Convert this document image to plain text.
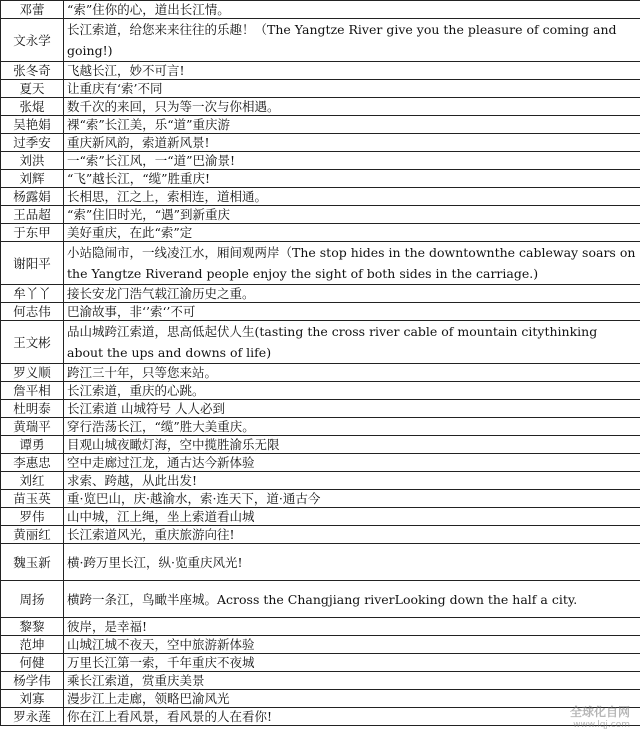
邓蕾	“索”住你的心，道出长江情。
文永学	长江索道，给您来来往往的乐趣！（The Yangtze River give you the pleasure of coming and going!)
张冬奇	飞越长江，妙不可言!
夏天	让重庆有‘索’不同
张焜	数千次的来回，只为等一次与你相遇。
吴艳娟	裸“索”长江美，乐“道”重庆游
过季安	重庆新风韵，索道新风景!
刘洪	一“索”长江风，一“道”巴渝景!
刘辉	“飞”越长江，“缆”胜重庆!
杨露娟	长相思，江之上，索相连，道相通。
王品超	“索”住旧时光，“遇”到新重庆
于东甲	美好重庆，在此“索”定
谢阳平	小站隐闹市，一线凌江水，厢间观两岸（The stop hides in the downtownthe cableway soars on the Yangtze Riverand people enjoy the sight of both sides in the carriage.)
牟丫丫	接长安龙门浩气载江渝历史之重。
何志伟	巴渝故事，非‘’索‘’不可
王文彬	品山城跨江索道，思高低起伏人生(tasting the cross river cable of mountain citythinking about the ups and downs of life)
罗义顺	跨江三十年，只等您来站。
詹平相	长江索道，重庆的心跳。
杜明泰	长江索道 山城符号 人人必到
黄瑞平	穿行浩荡长江，“缆”胜大美重庆。
谭勇	目观山城夜瞰灯海，空中揽胜渝乐无限
李惠忠	空中走廊过江龙，通古达今新体验
刘红	求索、跨越，从此出发!
苗玉英	重·览巴山，庆·越渝水，索·连天下，道·通古今
罗伟	山中城，江上绳，坐上索道看山城
黄丽红	长江索道风光，重庆旅游向往!
魏玉新	横·跨万里长江，纵·览重庆风光!
周扬	横跨一条江，鸟瞰半座城。Across the Changjiang riverLooking down the half a city.
黎黎	彼岸，是幸福!
范坤	山城江城不夜天，空中旅游新体验
何健	万里长江第一索，千年重庆不夜城
杨学伟	乘长江索道，赏重庆美景
刘寡	漫步江上走廊，领略巴渝风光
罗永莲	你在江上看风景，看风景的人在看你!	全球化自网
www.lqj.com
